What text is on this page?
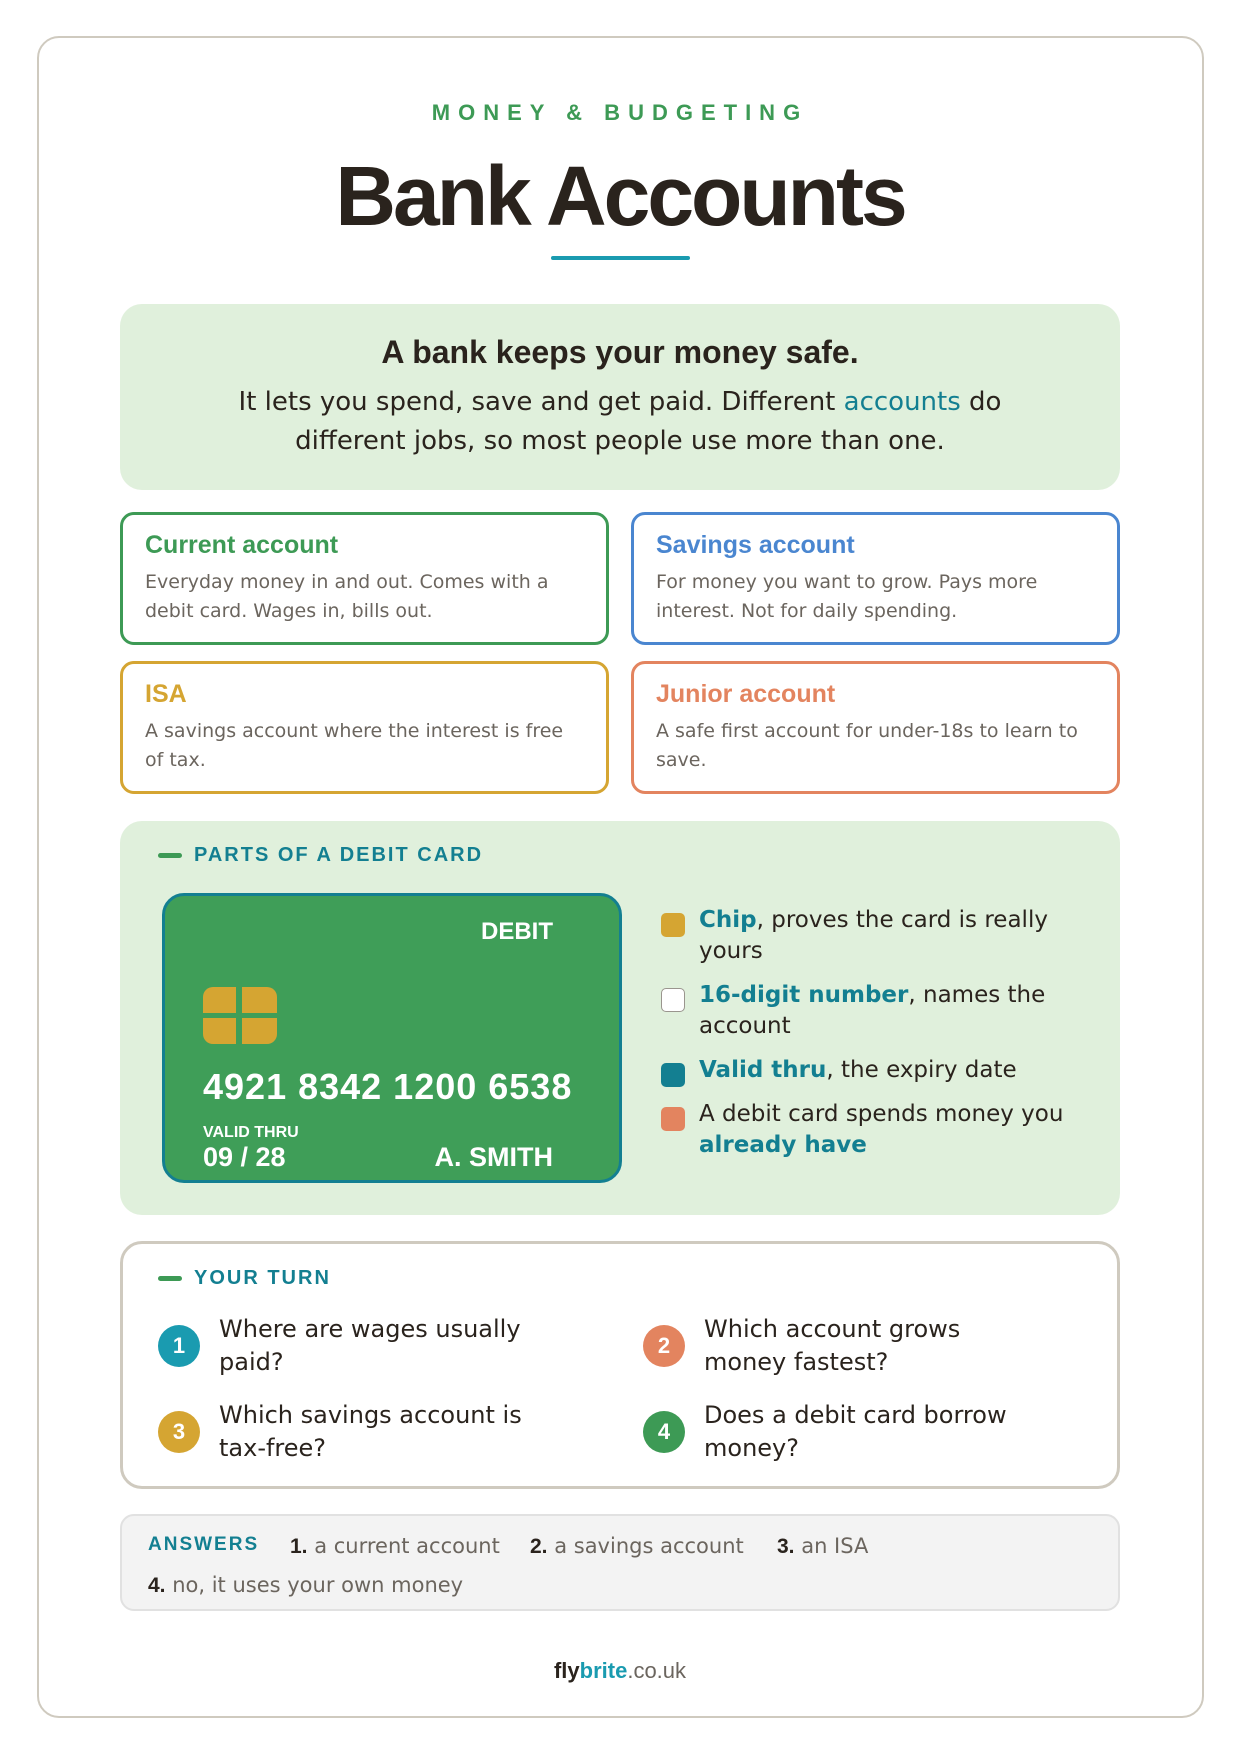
MONEY & BUDGETING
Bank Accounts
A bank keeps your money safe.
It lets you spend, save and get paid. Different accounts do different jobs, so most people use more than one.
Current account
Everyday money in and out. Comes with a debit card. Wages in, bills out.
Savings account
For money you want to grow. Pays more interest. Not for daily spending.
ISA
A savings account where the interest is free of tax.
Junior account
A safe first account for under-18s to learn to save.
PARTS OF A DEBIT CARD
DEBIT
4921 8342 1200 6538
VALID THRU
09 / 28	A. SMITH
Chip, proves the card is really yours
16-digit number, names the account
Valid thru, the expiry date
A debit card spends money you already have
YOUR TURN
1
Where are wages usually paid?
2
Which account grows money fastest?
3
Which savings account is tax-free?
4
Does a debit card borrow money?
ANSWERS 1. a current account 2. a savings account 3. an ISA
4. no, it uses your own money
flybrite.co.uk
